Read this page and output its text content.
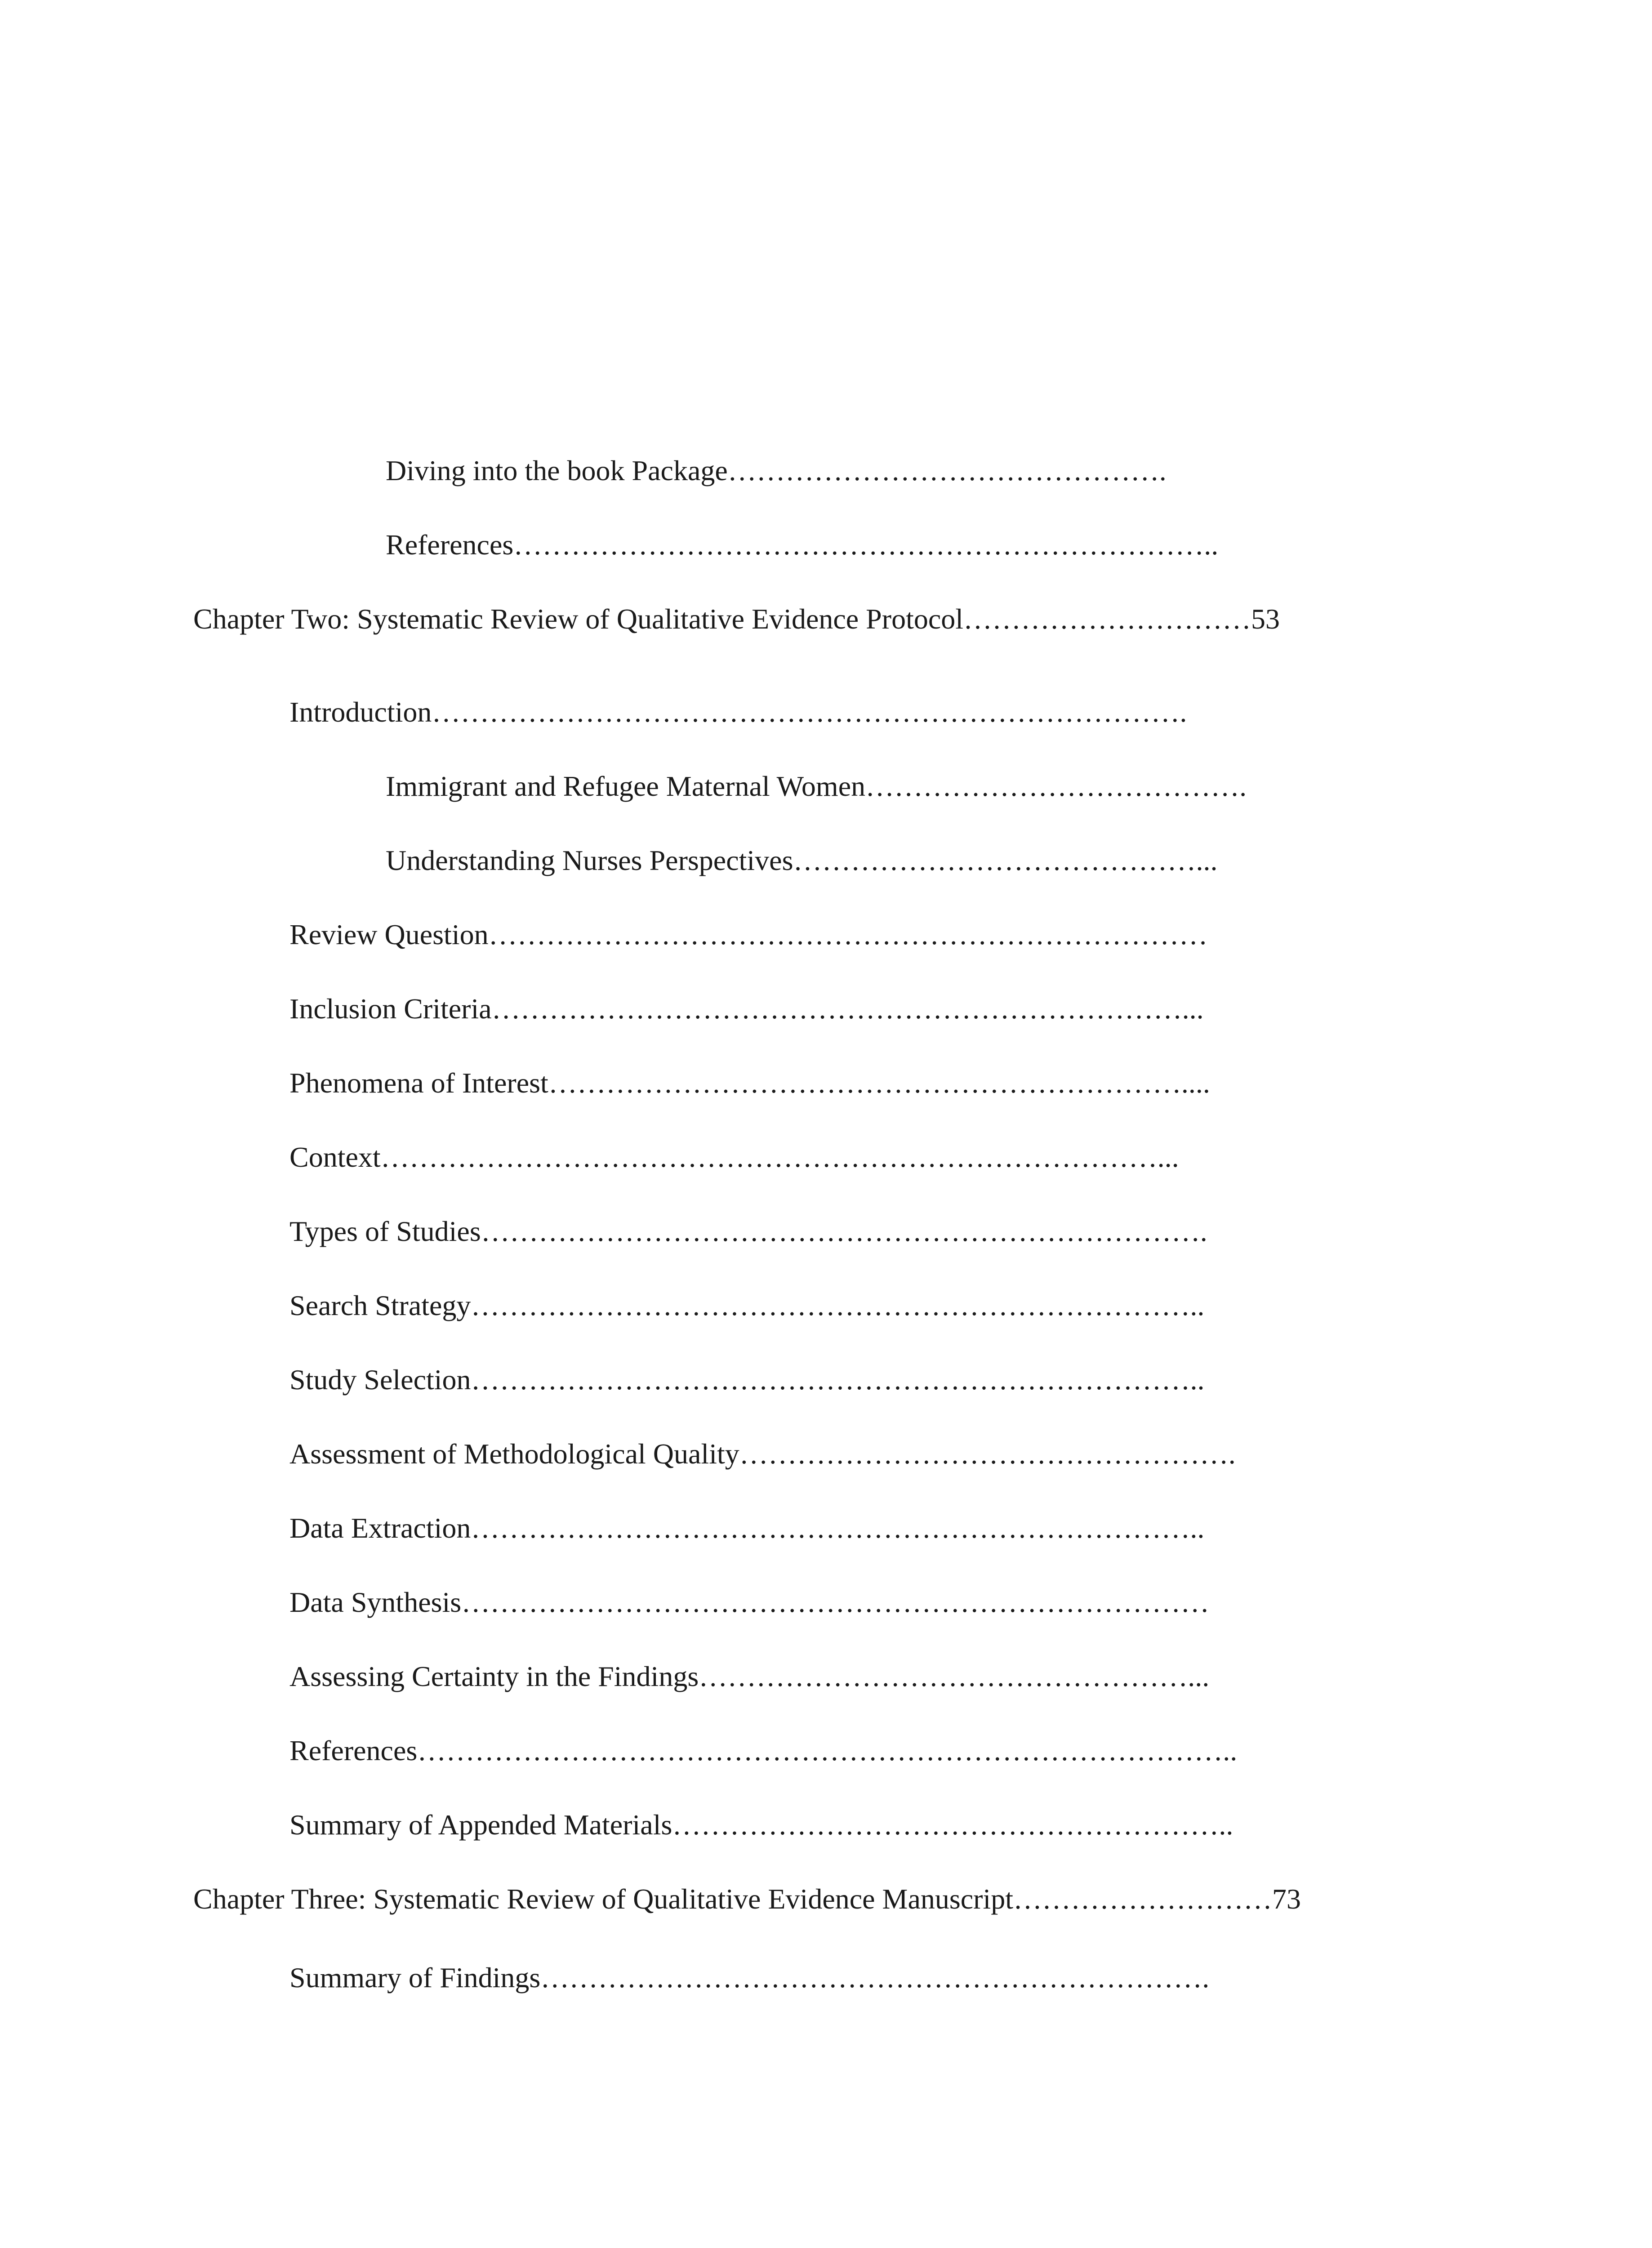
Diving into the book Package……………………………………….
References………………………………………………………………..
Chapter Two: Systematic Review of Qualitative Evidence Protocol…………………………53
Introduction…………………………………………………………………….
Immigrant and Refugee Maternal Women………………………………….
Understanding Nurses Perspectives……………………………………...
Review Question…………………………………………………………………
Inclusion Criteria………………………………………………………………...
Phenomena of Interest…………………………………………………………....
Context………………………………………………………………………...
Types of Studies………………………………………………………………….
Search Strategy…………………………………………………………………..
Study Selection…………………………………………………………………..
Assessment of Methodological Quality…………………………………………….
Data Extraction…………………………………………………………………..
Data Synthesis……………………………………………………………………
Assessing Certainty in the Findings……………………………………………...
References…………………………………………………………………………..
Summary of Appended Materials…………………………………………………..
Chapter Three: Systematic Review of Qualitative Evidence Manuscript………………………73
Summary of Findings…………………………………………………………….
